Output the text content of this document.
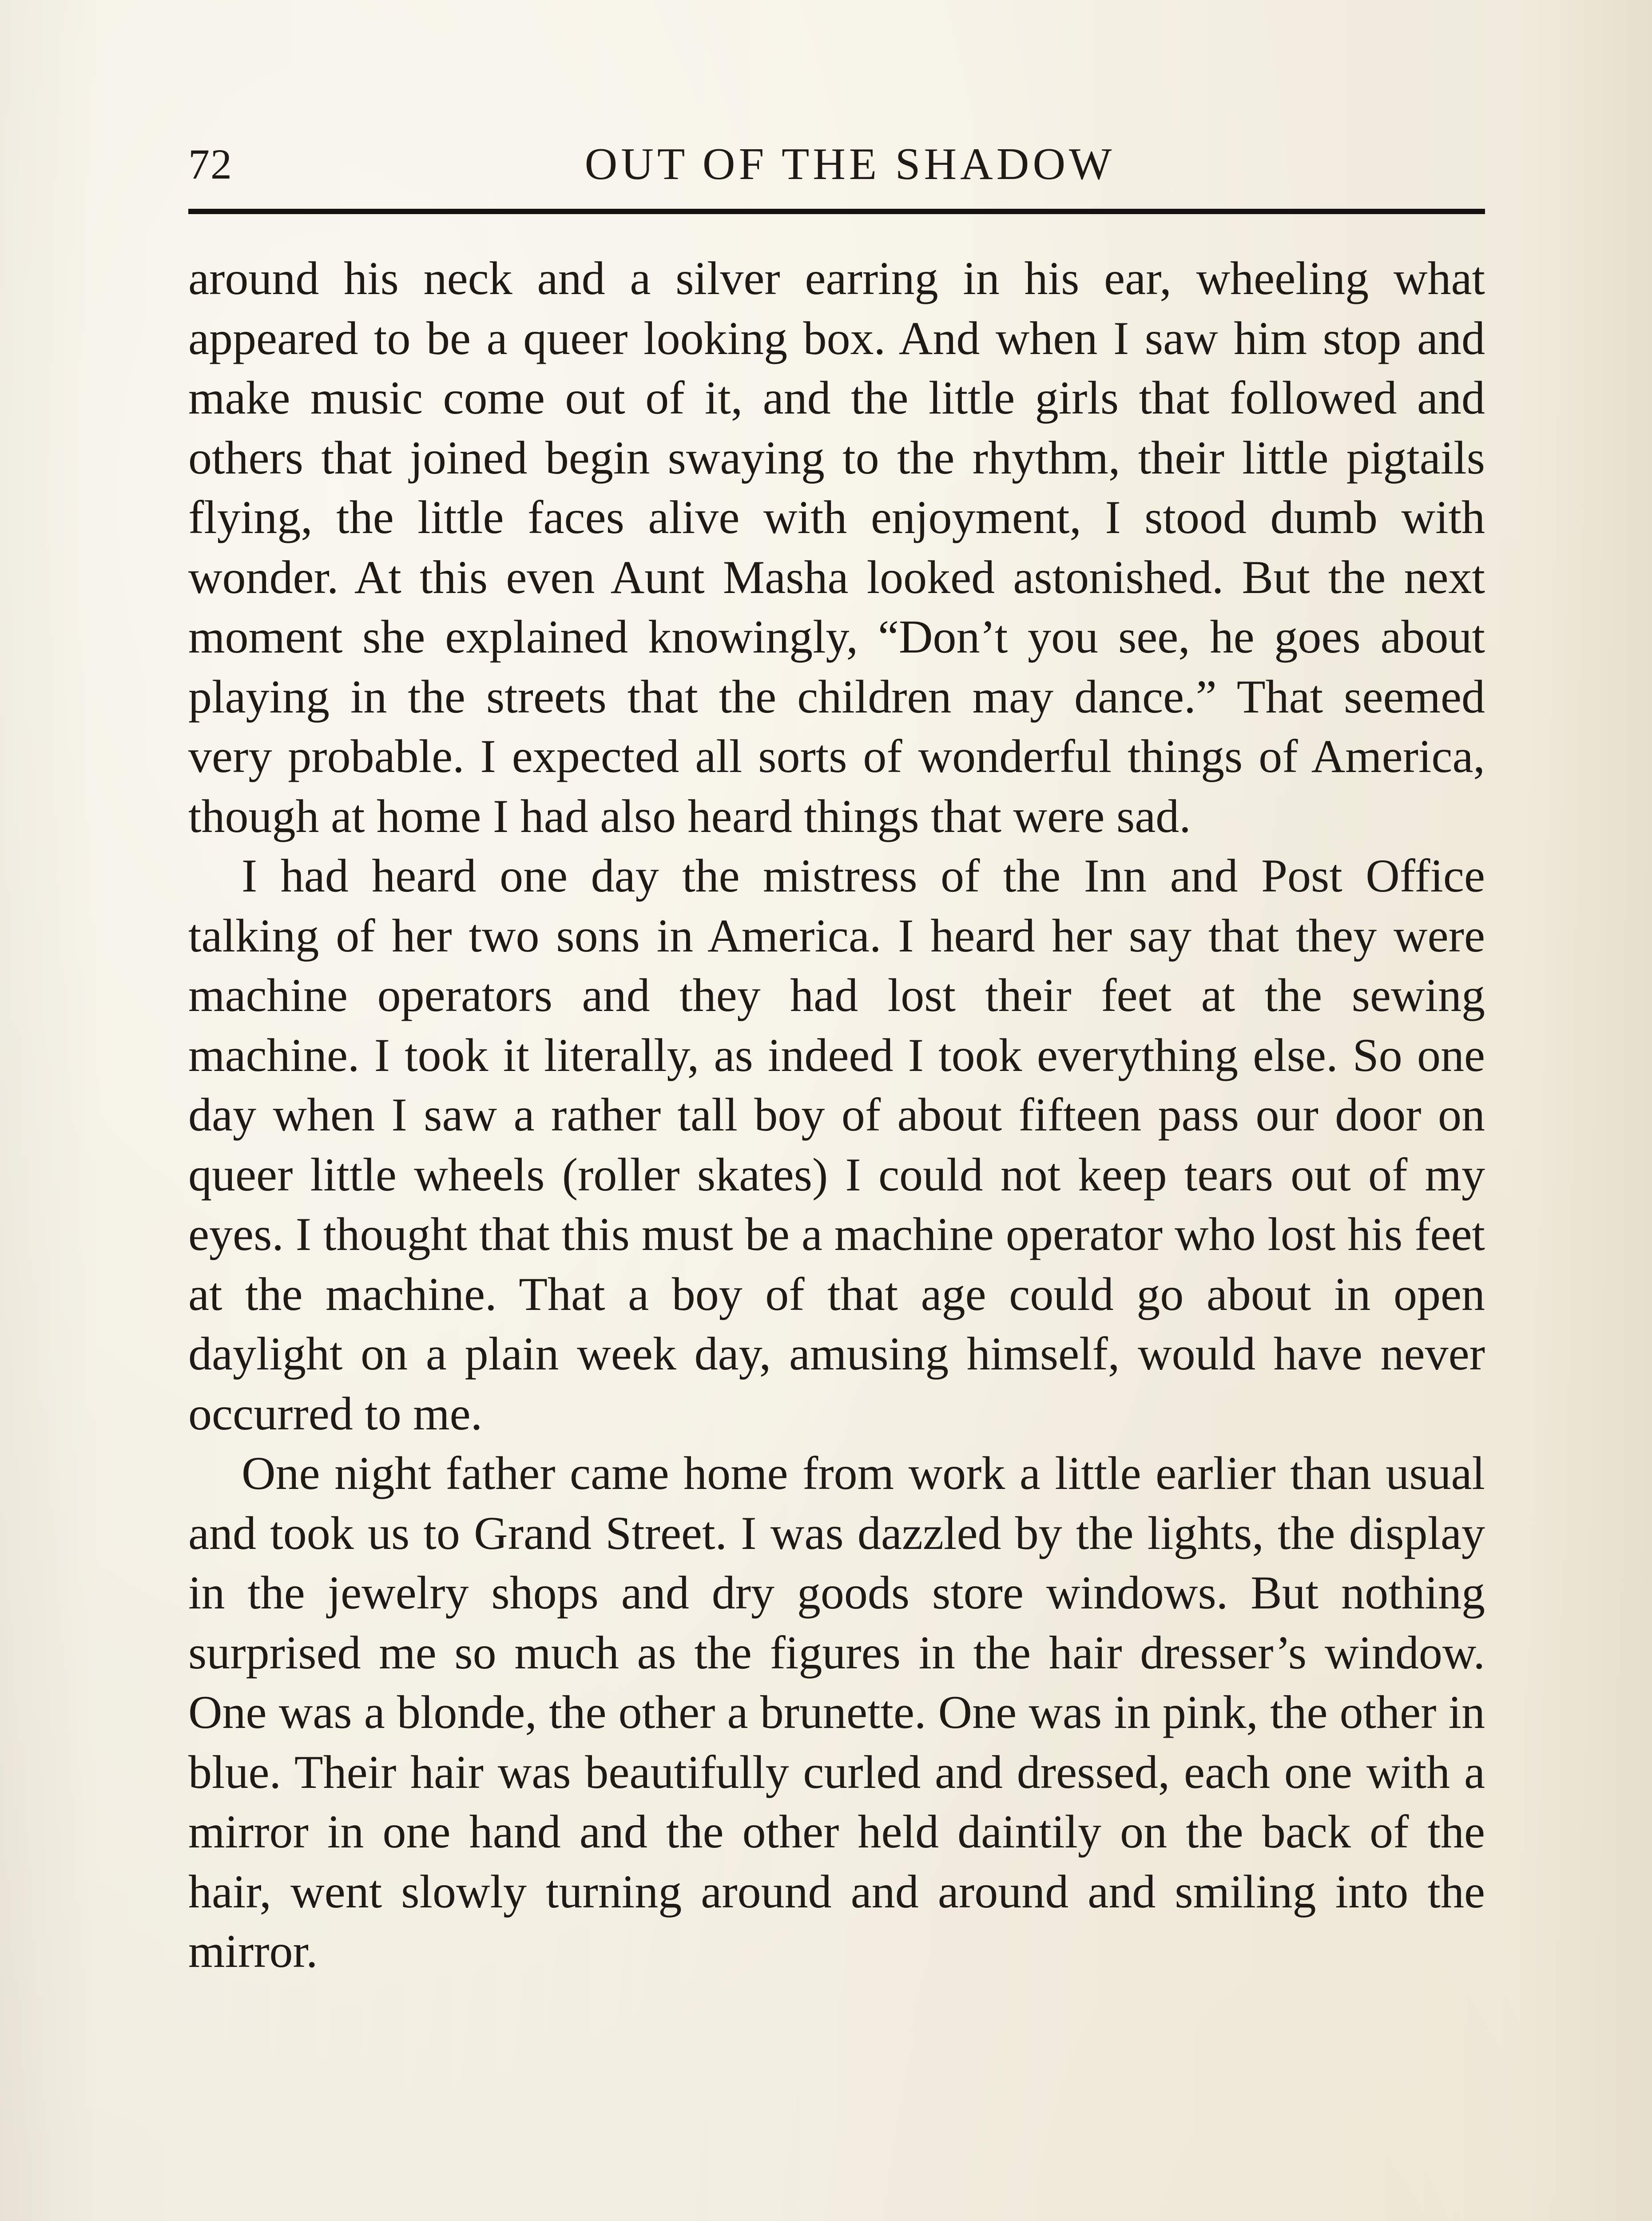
72	OUT OF THE SHADOW

around his neck and a silver earring in his ear, wheeling what appeared to be a queer looking box. And when I saw him stop and make music come out of it, and the little girls that followed and others that joined begin swaying to the rhythm, their little pigtails flying, the little faces alive with enjoyment, I stood dumb with wonder. At this even Aunt Masha looked astonished. But the next moment she explained knowingly, “Don’t you see, he goes about playing in the streets that the children may dance.” That seemed very probable. I expected all sorts of wonderful things of America, though at home I had also heard things that were sad.

I had heard one day the mistress of the Inn and Post Office talking of her two sons in America. I heard her say that they were machine operators and they had lost their feet at the sewing machine. I took it literally, as indeed I took everything else. So one day when I saw a rather tall boy of about fifteen pass our door on queer little wheels (roller skates) I could not keep tears out of my eyes. I thought that this must be a machine operator who lost his feet at the machine. That a boy of that age could go about in open daylight on a plain week day, amusing himself, would have never occurred to me.

One night father came home from work a little earlier than usual and took us to Grand Street. I was dazzled by the lights, the display in the jewelry shops and dry goods store windows. But nothing surprised me so much as the figures in the hair dresser’s window. One was a blonde, the other a brunette. One was in pink, the other in blue. Their hair was beautifully curled and dressed, each one with a mirror in one hand and the other held daintily on the back of the hair, went slowly turning around and around and smiling into the mirror.
